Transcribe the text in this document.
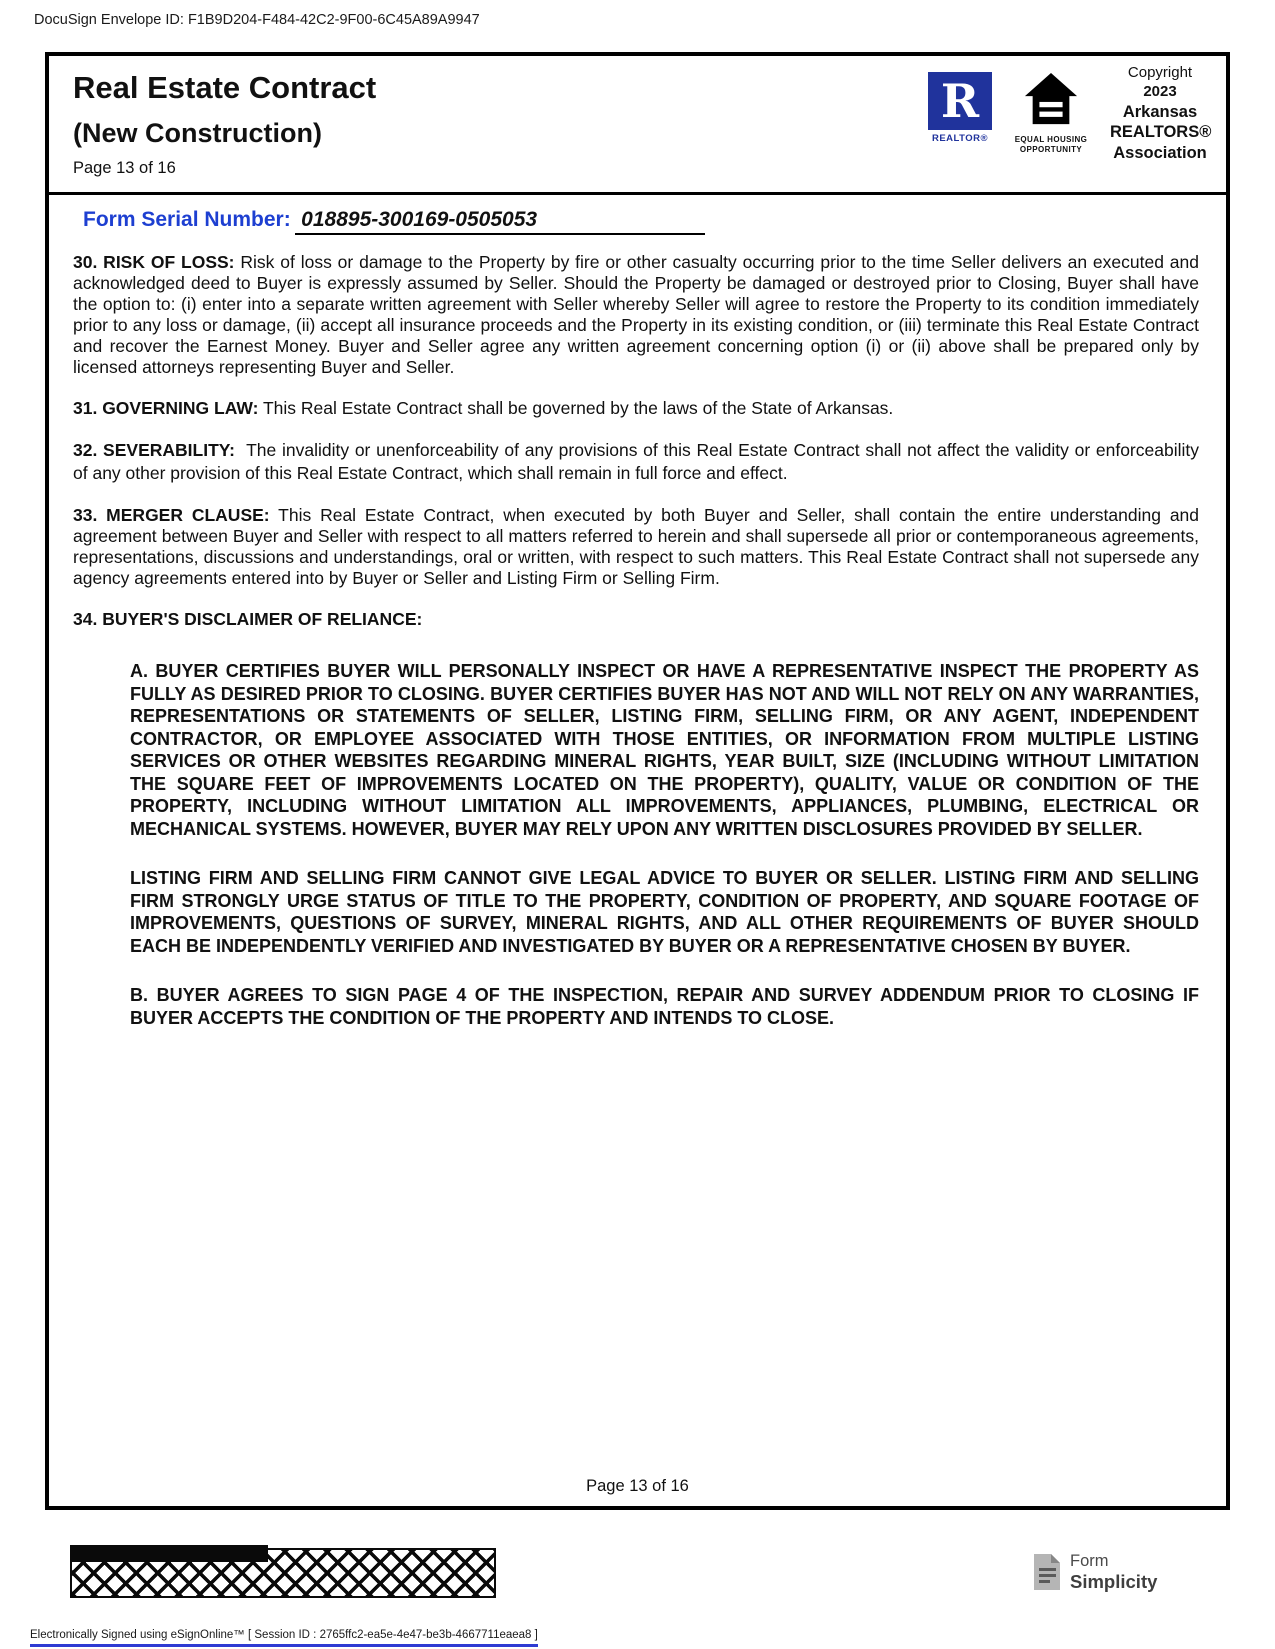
DocuSign Envelope ID: F1B9D204-F484-42C2-9F00-6C45A89A9947
Real Estate Contract
(New Construction)
Page 13 of 16
R
REALTOR®	EQUAL HOUSING
OPPORTUNITY
Copyright
2023
Arkansas
REALTORS®
Association
Form Serial Number: 018895-300169-0505053

30. RISK OF LOSS: Risk of loss or damage to the Property by fire or other casualty occurring prior to the time Seller delivers an executed and acknowledged deed to Buyer is expressly assumed by Seller. Should the Property be damaged or destroyed prior to Closing, Buyer shall have the option to: (i) enter into a separate written agreement with Seller whereby Seller will agree to restore the Property to its condition immediately prior to any loss or damage, (ii) accept all insurance proceeds and the Property in its existing condition, or (iii) terminate this Real Estate Contract and recover the Earnest Money. Buyer and Seller agree any written agreement concerning option (i) or (ii) above shall be prepared only by licensed attorneys representing Buyer and Seller.

31. GOVERNING LAW: This Real Estate Contract shall be governed by the laws of the State of Arkansas.

32. SEVERABILITY: The invalidity or unenforceability of any provisions of this Real Estate Contract shall not affect the validity or enforceability of any other provision of this Real Estate Contract, which shall remain in full force and effect.

33. MERGER CLAUSE: This Real Estate Contract, when executed by both Buyer and Seller, shall contain the entire understanding and agreement between Buyer and Seller with respect to all matters referred to herein and shall supersede all prior or contemporaneous agreements, representations, discussions and understandings, oral or written, with respect to such matters. This Real Estate Contract shall not supersede any agency agreements entered into by Buyer or Seller and Listing Firm or Selling Firm.

34. BUYER'S DISCLAIMER OF RELIANCE:

A. BUYER CERTIFIES BUYER WILL PERSONALLY INSPECT OR HAVE A REPRESENTATIVE INSPECT THE PROPERTY AS FULLY AS DESIRED PRIOR TO CLOSING. BUYER CERTIFIES BUYER HAS NOT AND WILL NOT RELY ON ANY WARRANTIES, REPRESENTATIONS OR STATEMENTS OF SELLER, LISTING FIRM, SELLING FIRM, OR ANY AGENT, INDEPENDENT CONTRACTOR, OR EMPLOYEE ASSOCIATED WITH THOSE ENTITIES, OR INFORMATION FROM MULTIPLE LISTING SERVICES OR OTHER WEBSITES REGARDING MINERAL RIGHTS, YEAR BUILT, SIZE (INCLUDING WITHOUT LIMITATION THE SQUARE FEET OF IMPROVEMENTS LOCATED ON THE PROPERTY), QUALITY, VALUE OR CONDITION OF THE PROPERTY, INCLUDING WITHOUT LIMITATION ALL IMPROVEMENTS, APPLIANCES, PLUMBING, ELECTRICAL OR MECHANICAL SYSTEMS. HOWEVER, BUYER MAY RELY UPON ANY WRITTEN DISCLOSURES PROVIDED BY SELLER.

LISTING FIRM AND SELLING FIRM CANNOT GIVE LEGAL ADVICE TO BUYER OR SELLER. LISTING FIRM AND SELLING FIRM STRONGLY URGE STATUS OF TITLE TO THE PROPERTY, CONDITION OF PROPERTY, AND SQUARE FOOTAGE OF IMPROVEMENTS, QUESTIONS OF SURVEY, MINERAL RIGHTS, AND ALL OTHER REQUIREMENTS OF BUYER SHOULD EACH BE INDEPENDENTLY VERIFIED AND INVESTIGATED BY BUYER OR A REPRESENTATIVE CHOSEN BY BUYER.

B. BUYER AGREES TO SIGN PAGE 4 OF THE INSPECTION, REPAIR AND SURVEY ADDENDUM PRIOR TO CLOSING IF BUYER ACCEPTS THE CONDITION OF THE PROPERTY AND INTENDS TO CLOSE.

Page 13 of 16
Form
Simplicity
Electronically Signed using eSignOnline™ [ Session ID : 2765ffc2-ea5e-4e47-be3b-4667711eaea8 ]
